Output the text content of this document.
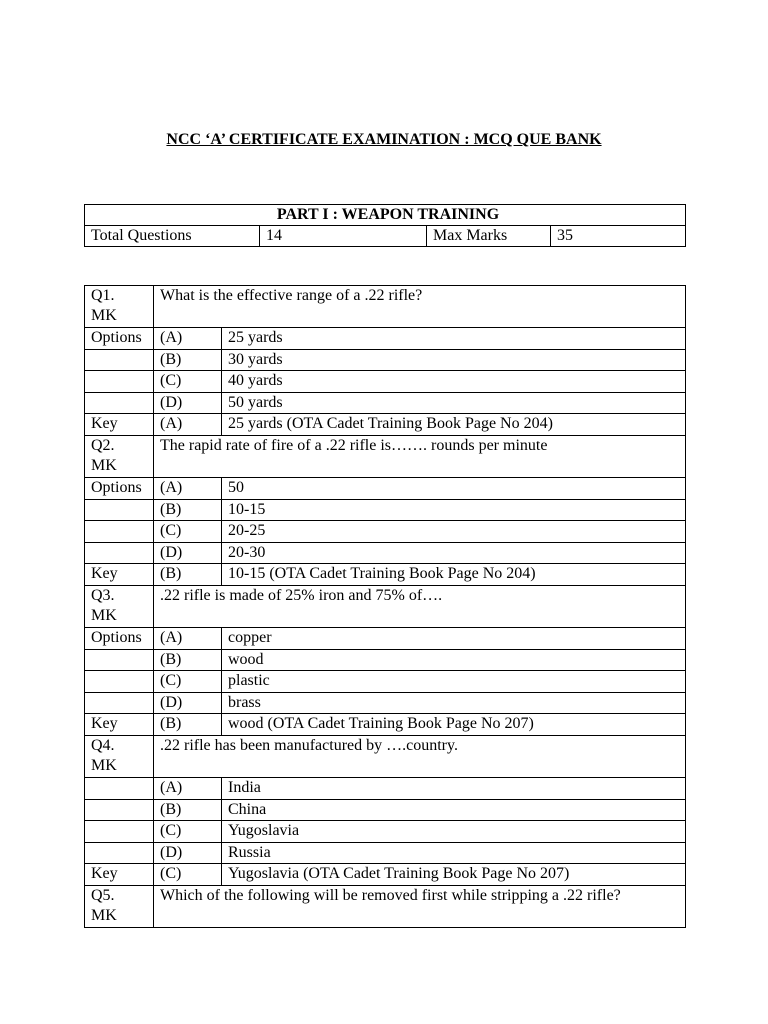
NCC ‘A’ CERTIFICATE EXAMINATION : MCQ QUE BANK
PART I : WEAPON TRAINING
Total Questions	14	Max Marks	35
Q1.
MK	What is the effective range of a .22 rifle?	
Options	(A)	25 yards
	(B)	30 yards
	(C)	40 yards
	(D)	50 yards
Key	(A)	25 yards (OTA Cadet Training Book Page No 204)
Q2.
MK	The rapid rate of fire of a .22 rifle is……. rounds per minute	
Options	(A)	50
	(B)	10-15
	(C)	20-25
	(D)	20-30
Key	(B)	10-15 (OTA Cadet Training Book Page No 204)
Q3.
MK	.22 rifle is made of 25% iron and 75% of….	
Options	(A)	copper
	(B)	wood
	(C)	plastic
	(D)	brass
Key	(B)	wood (OTA Cadet Training Book Page No 207)
Q4.
MK	.22 rifle has been manufactured by ….country.	
	(A)	India
	(B)	China
	(C)	Yugoslavia
	(D)	Russia
Key	(C)	Yugoslavia (OTA Cadet Training Book Page No 207)
Q5.
MK	Which of the following will be removed first while stripping a .22 rifle?	
